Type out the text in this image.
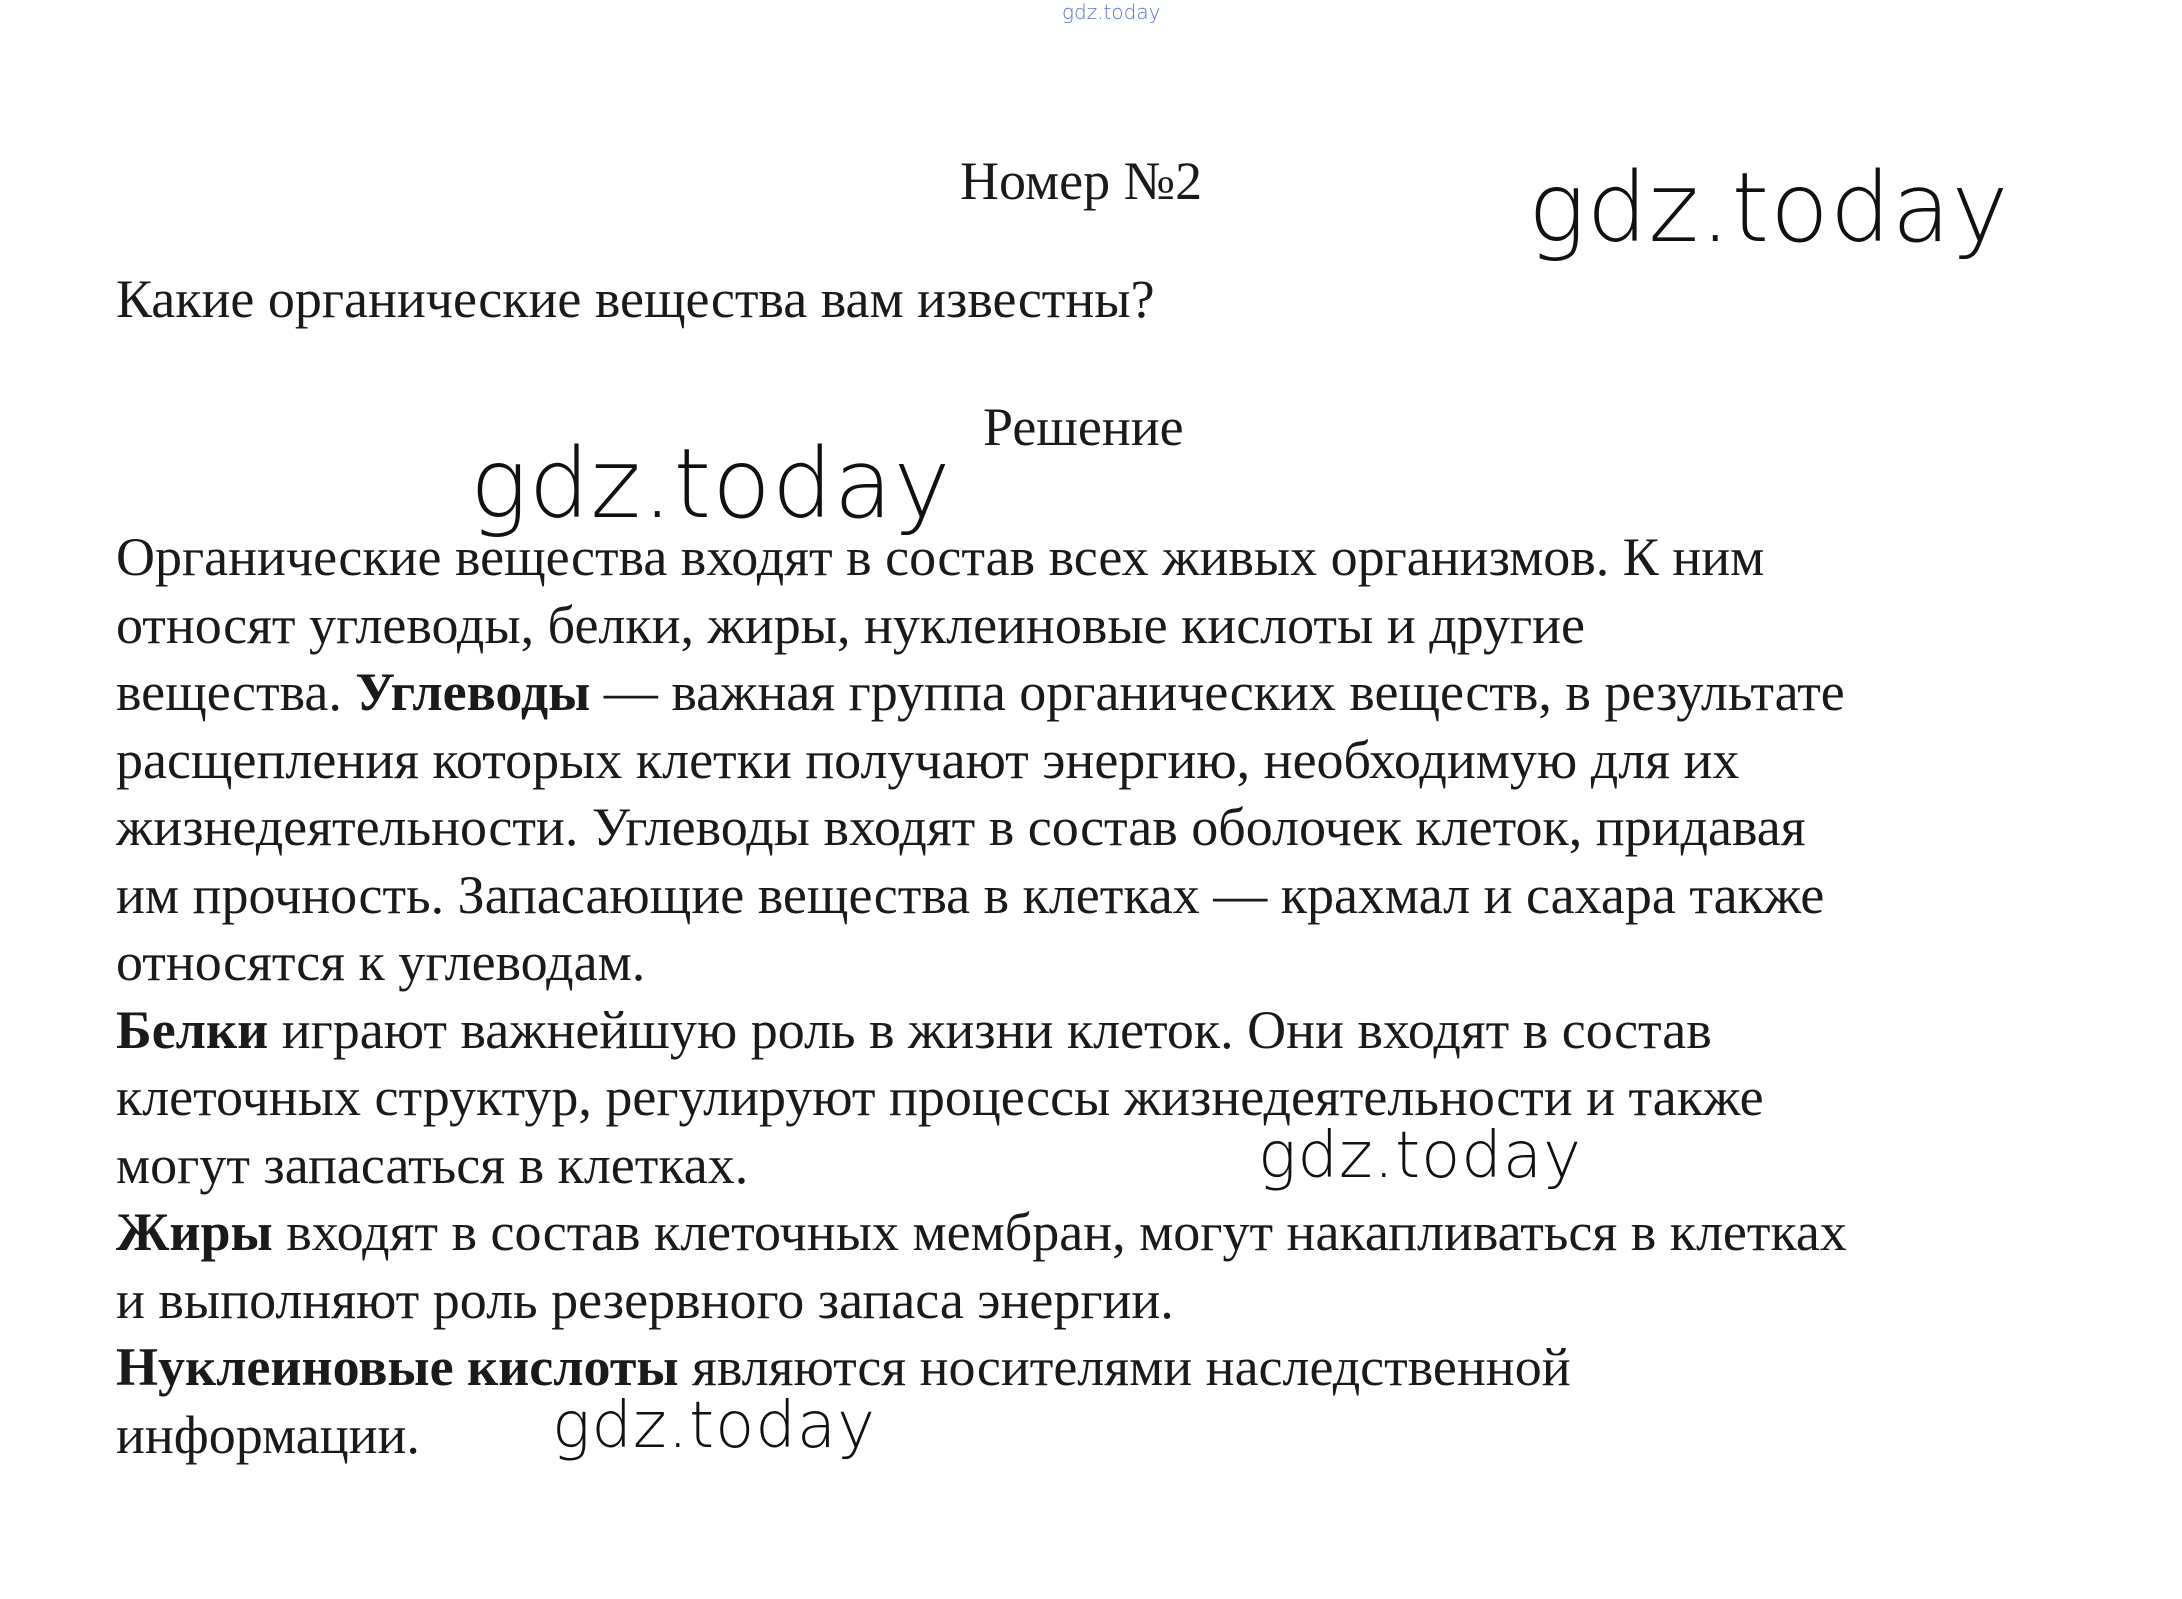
gdz.today
gdz.today
gdz.today
gdz.today
gdz.today
Номер №2
Какие органические вещества вам известны?
Решение
Органические вещества входят в состав всех живых организмов. К ним
относят углеводы, белки, жиры, нуклеиновые кислоты и другие
вещества. Углеводы — важная группа органических веществ, в результате
расщепления которых клетки получают энергию, необходимую для их
жизнедеятельности. Углеводы входят в состав оболочек клеток, придавая
им прочность. Запасающие вещества в клетках — крахмал и сахара также
относятся к углеводам.
Белки играют важнейшую роль в жизни клеток. Они входят в состав
клеточных структур, регулируют процессы жизнедеятельности и также
могут запасаться в клетках.
Жиры входят в состав клеточных мембран, могут накапливаться в клетках
и выполняют роль резервного запаса энергии.
Нуклеиновые кислоты являются носителями наследственной
информации.
